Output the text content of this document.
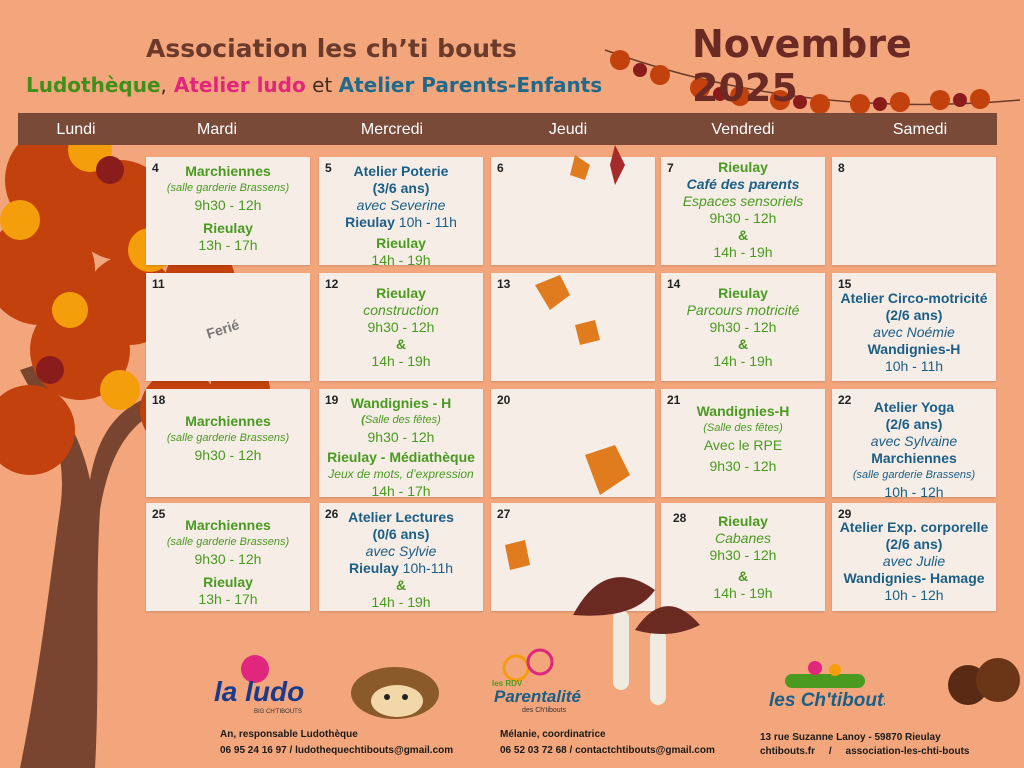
Association les ch’ti bouts
Ludothèque, Atelier ludo et Atelier Parents-Enfants
Novembre 2025
Lundi	Mardi	Mercredi	Jeudi	Vendredi	Samedi
4	Marchiennes
(salle garderie Brassens)
9h30 - 12h
Rieulay
13h - 17h
5	Atelier Poterie
(3/6 ans)
avec Severine
Rieulay 10h - 11h
Rieulay
14h - 19h
6	7	Rieulay
Café des parents
Espaces sensoriels
9h30 - 12h
&
14h - 19h
8
11
Ferié
12
Rieulay
construction
9h30 - 12h
&
14h - 19h
13	14
Rieulay
Parcours motricité
9h30 - 12h
&
14h - 19h
15
Atelier Circo-motricité
(2/6 ans)
avec Noémie
Wandignies-H
10h - 11h
18
Marchiennes
(salle garderie Brassens)
9h30 - 12h
19 Wandignies - H
(Salle des fêtes)
9h30 - 12h
Rieulay - Médiathèque
Jeux de mots, d’expression
14h - 17h
20	21
Wandignies-H
(Salle des fêtes)
Avec le RPE
9h30 - 12h
22	Atelier Yoga
(2/6 ans)
avec Sylvaine
Marchiennes
(salle garderie Brassens)
10h - 12h
25
Marchiennes
(salle garderie Brassens)
9h30 - 12h
Rieulay
13h - 17h
26 Atelier Lectures
(0/6 ans)
avec Sylvie
Rieulay 10h-11h
&
14h - 19h
27	28	Rieulay
Cabanes
9h30 - 12h
&
14h - 19h
29
Atelier Exp. corporelle
(2/6 ans)
avec Julie
Wandignies- Hamage
10h - 12h
la ludo
BIG CH'TIBOUTS
les RDV
Parentalité
des Ch'tibouts	les Ch'tibouts
An, responsable Ludothèque
06 95 24 16 97 / ludothequechtibouts@gmail.com
Mélanie, coordinatrice
06 52 03 72 68 / contactchtibouts@gmail.com
13 rue Suzanne Lanoy - 59870 Rieulay
chtibouts.fr     /     association-les-chti-bouts
